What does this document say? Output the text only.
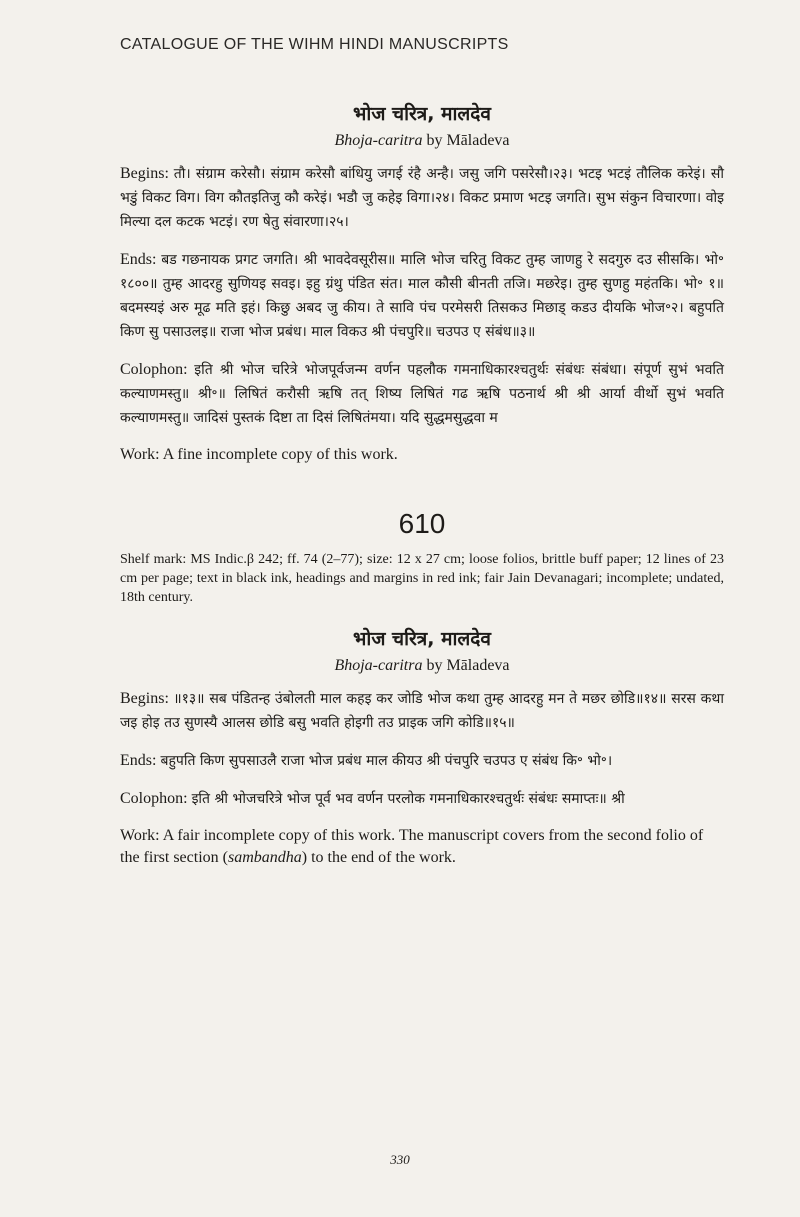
CATALOGUE OF THE WIHM HINDI MANUSCRIPTS
भोज चरित्र, मालदेव
Bhoja-caritra by Māladeva

Begins: तौ। संग्राम करेसौ। संग्राम करेसौ बांधियु जगई रंहै अन्है। जसु जगि पसरेसौ।२३। भटइ भटइं तौलिक करेइं। सौ भडुं विकट विग। विग कौतइतिजु कौ करेइं। भडौ जु कहेइ विगा।२४। विकट प्रमाण भटइ जगति। सुभ संकुन विचारणा। वोइ मिल्या दल कटक भटइं। रण षेतु संवारणा।२५।

Ends: बड गछनायक प्रगट जगति। श्री भावदेवसूरीस॥ मालि भोज चरितु विकट तुम्ह जाणहु रे सदगुरु दउ सीसकि। भो॰ १८००॥ तुम्ह आदरहु सुणियइ सवइ। इहु ग्रंथु पंडित संत। माल कौसी बीनती तजि। मछरेइ। तुम्ह सुणहु महंतकि। भो॰ १॥ बदमस्यइं अरु मूढ मति इहं। किछु अबद जु कीय। ते सावि पंच परमेसरी तिसकउ मिछाड् कडउ दीयकि भोज॰२। बहुपति किण सु पसाउलइ॥ राजा भोज प्रबंध। माल विकउ श्री पंचपुरि॥ चउपउ ए संबंध॥३॥

Colophon: इति श्री भोज चरित्रे भोजपूर्वजन्म वर्णन पहलौक गमनाधिकारश्चतुर्थः संबंधः संबंधा। संपूर्ण सुभं भवति कल्याणमस्तु॥ श्री॰॥ लिषितं करौसी ऋषि तत् शिष्य लिषितं गढ ऋषि पठनार्थ श्री श्री आर्या वीर्थो सुभं भवति कल्याणमस्तु॥ जादिसं पुस्तकं दिष्टा ता दिसं लिषितंमया। यदि सुद्धमसुद्धवा म

Work: A fine incomplete copy of this work.

610

Shelf mark: MS Indic.β 242; ff. 74 (2–77); size: 12 x 27 cm; loose folios, brittle buff paper; 12 lines of 23 cm per page; text in black ink, headings and margins in red ink; fair Jain Devanagari; incomplete; undated, 18th century.

भोज चरित्र, मालदेव
Bhoja-caritra by Māladeva

Begins: ॥१३॥ सब पंडितन्ह उंबोलती माल कहइ कर जोडि भोज कथा तुम्ह आदरहु मन ते मछर छोडि॥१४॥ सरस कथा जइ होइ तउ सुणस्यै आलस छोडि बसु भवति होइगी तउ प्राइक जगि कोडि॥१५॥

Ends: बहुपति किण सुपसाउलै राजा भोज प्रबंध माल कीयउ श्री पंचपुरि चउपउ ए संबंध कि॰ भो॰।

Colophon: इति श्री भोजचरित्रे भोज पूर्व भव वर्णन परलोक गमनाधिकारश्चतुर्थः संबंधः समाप्तः॥ श्री

Work: A fair incomplete copy of this work. The manuscript covers from the second folio of the first section (sambandha) to the end of the work.

330
